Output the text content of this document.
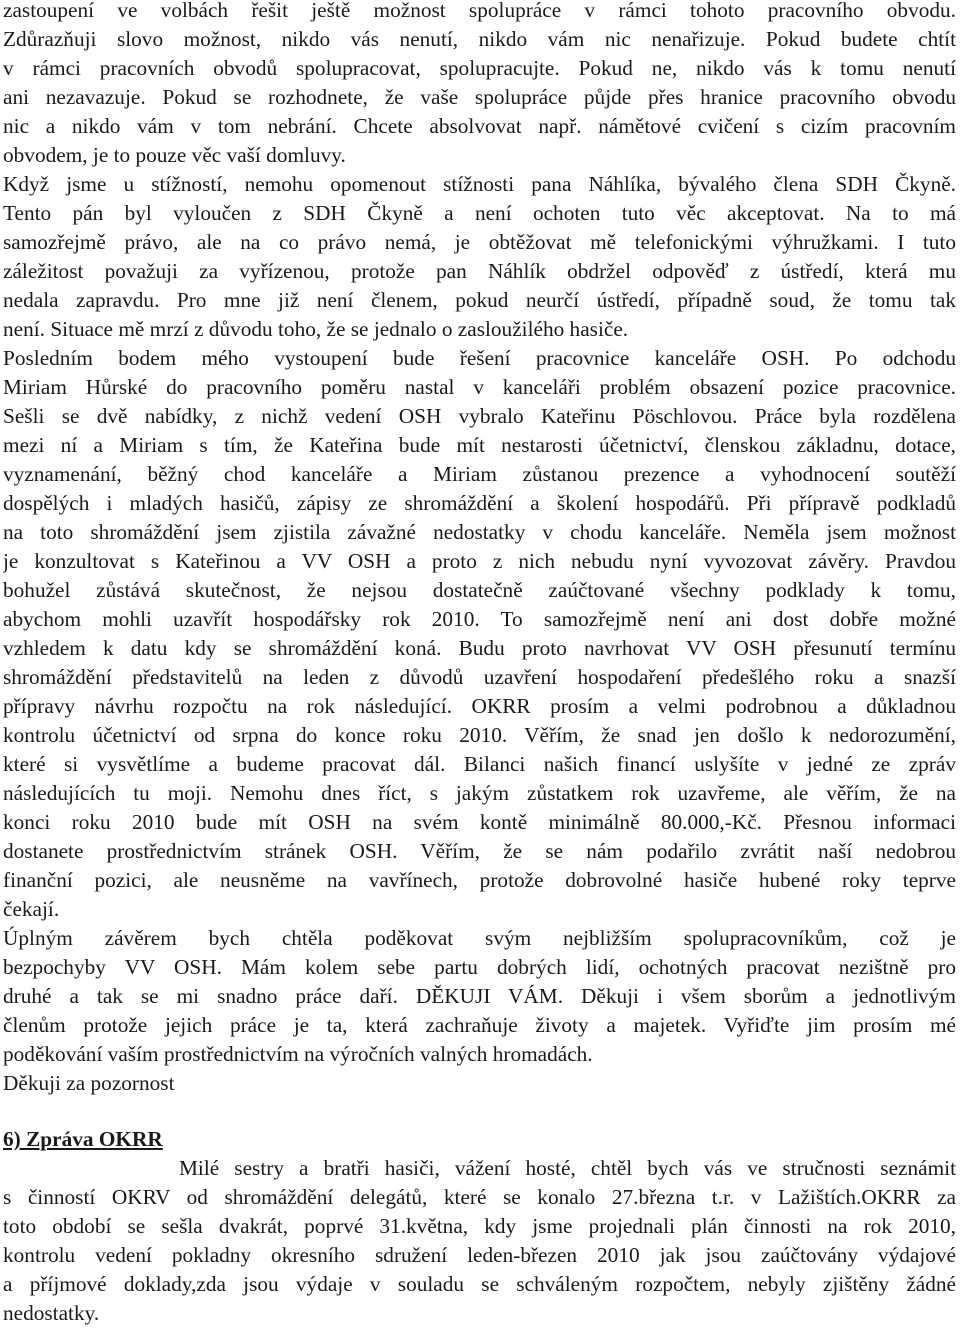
zastoupení ve volbách řešit ještě možnost spolupráce v rámci tohoto pracovního obvodu.
Zdůrazňuji slovo možnost, nikdo vás nenutí, nikdo vám nic nenařizuje. Pokud budete chtít
v rámci pracovních obvodů spolupracovat, spolupracujte. Pokud ne, nikdo vás k tomu nenutí
ani nezavazuje. Pokud se rozhodnete, že vaše spolupráce půjde přes hranice pracovního obvodu
nic a nikdo vám v tom nebrání. Chcete absolvovat např. námětové cvičení s cizím pracovním
obvodem, je to pouze věc vaší domluvy.
Když jsme u stížností, nemohu opomenout stížnosti pana Náhlíka, bývalého člena SDH Čkyně.
Tento pán byl vyloučen z SDH Čkyně a není ochoten tuto věc akceptovat. Na to má
samozřejmě právo, ale na co právo nemá, je obtěžovat mě telefonickými výhružkami. I tuto
záležitost považuji za vyřízenou, protože pan Náhlík obdržel odpověď z ústředí, která mu
nedala zapravdu. Pro mne již není členem, pokud neurčí ústředí, případně soud, že tomu tak
není. Situace mě mrzí z důvodu toho, že se jednalo o zasloužilého hasiče.
Posledním bodem mého vystoupení bude řešení pracovnice kanceláře OSH. Po odchodu
Miriam Hůrské do pracovního poměru nastal v kanceláři problém obsazení pozice pracovnice.
Sešli se dvě nabídky, z nichž vedení OSH vybralo Kateřinu Pöschlovou. Práce byla rozdělena
mezi ní a Miriam s tím, že Kateřina bude mít nestarosti účetnictví, členskou základnu, dotace,
vyznamenání, běžný chod kanceláře a Miriam zůstanou prezence a vyhodnocení soutěží
dospělých i mladých hasičů, zápisy ze shromáždění a školení hospodářů. Při přípravě podkladů
na toto shromáždění jsem zjistila závažné nedostatky v chodu kanceláře. Neměla jsem možnost
je konzultovat s Kateřinou a VV OSH a proto z nich nebudu nyní vyvozovat závěry. Pravdou
bohužel zůstává skutečnost, že nejsou dostatečně zaúčtované všechny podklady k tomu,
abychom mohli uzavřít hospodářsky rok 2010. To samozřejmě není ani dost dobře možné
vzhledem k datu kdy se shromáždění koná. Budu proto navrhovat VV OSH přesunutí termínu
shromáždění představitelů na leden z důvodů uzavření hospodaření předešlého roku a snazší
přípravy návrhu rozpočtu na rok následující. OKRR prosím a velmi podrobnou a důkladnou
kontrolu účetnictví od srpna do konce roku 2010. Věřím, že snad jen došlo k nedorozumění,
které si vysvětlíme a budeme pracovat dál. Bilanci našich financí uslyšíte v jedné ze zpráv
následujících tu moji. Nemohu dnes říct, s jakým zůstatkem rok uzavřeme, ale věřím, že na
konci roku 2010 bude mít OSH na svém kontě minimálně 80.000,-Kč. Přesnou informaci
dostanete prostřednictvím stránek OSH. Věřím, že se nám podařilo zvrátit naší nedobrou
finanční pozici, ale neusněme na vavřínech, protože dobrovolné hasiče hubené roky teprve
čekají.
Úplným závěrem bych chtěla poděkovat svým nejbližším spolupracovníkům, což je
bezpochyby VV OSH. Mám kolem sebe partu dobrých lidí, ochotných pracovat nezištně pro
druhé a tak se mi snadno práce daří. DĚKUJI VÁM. Děkuji i všem sborům a jednotlivým
členům protože jejich práce je ta, která zachraňuje životy a majetek. Vyřiďte jim prosím mé
poděkování vaším prostřednictvím na výročních valných hromadách.
Děkuji za pozornost
6) Zpráva OKRR
Milé sestry a bratři hasiči, vážení hosté, chtěl bych vás ve stručnosti seznámit
s činností OKRV od shromáždění delegátů, které se konalo 27.března t.r. v Lažištích.OKRR za
toto období se sešla dvakrát, poprvé 31.května, kdy jsme projednali plán činnosti na rok 2010,
kontrolu vedení pokladny okresního sdružení leden-březen 2010 jak jsou zaúčtovány výdajové
a příjmové doklady,zda jsou výdaje v souladu se schváleným rozpočtem, nebyly zjištěny žádné
nedostatky.
